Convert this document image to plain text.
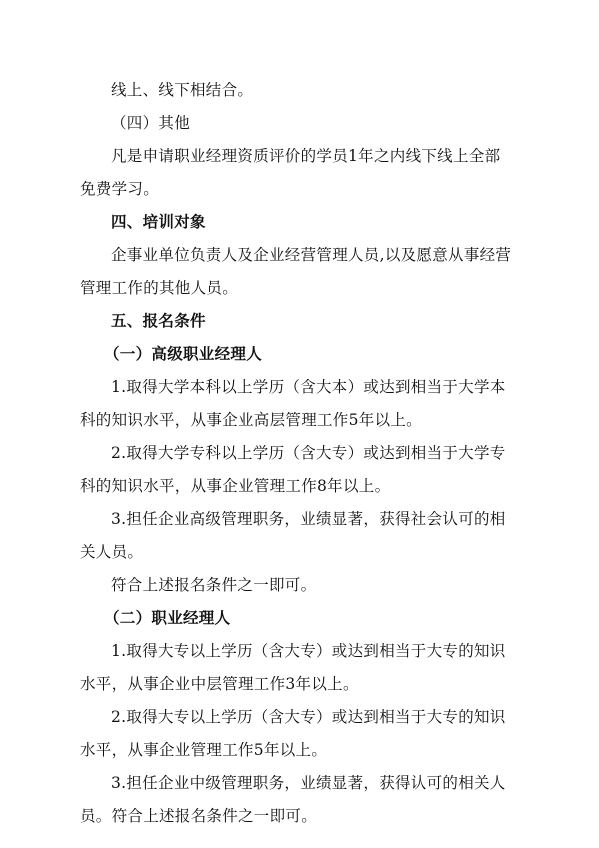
线上、线下相结合。
（四）其他
凡是申请职业经理资质评价的学员1年之内线下线上全部
免费学习。
四、培训对象
企事业单位负责人及企业经营管理人员,以及愿意从事经营
管理工作的其他人员。
五、报名条件
（一）高级职业经理人
1.取得大学本科以上学历（含大本）或达到相当于大学本
科的知识水平，从事企业高层管理工作5年以上。
2.取得大学专科以上学历（含大专）或达到相当于大学专
科的知识水平，从事企业管理工作8年以上。
3.担任企业高级管理职务，业绩显著，获得社会认可的相
关人员。
符合上述报名条件之一即可。
（二）职业经理人
1.取得大专以上学历（含大专）或达到相当于大专的知识
水平，从事企业中层管理工作3年以上。
2.取得大专以上学历（含大专）或达到相当于大专的知识
水平，从事企业管理工作5年以上。
3.担任企业中级管理职务，业绩显著，获得认可的相关人
员。符合上述报名条件之一即可。
